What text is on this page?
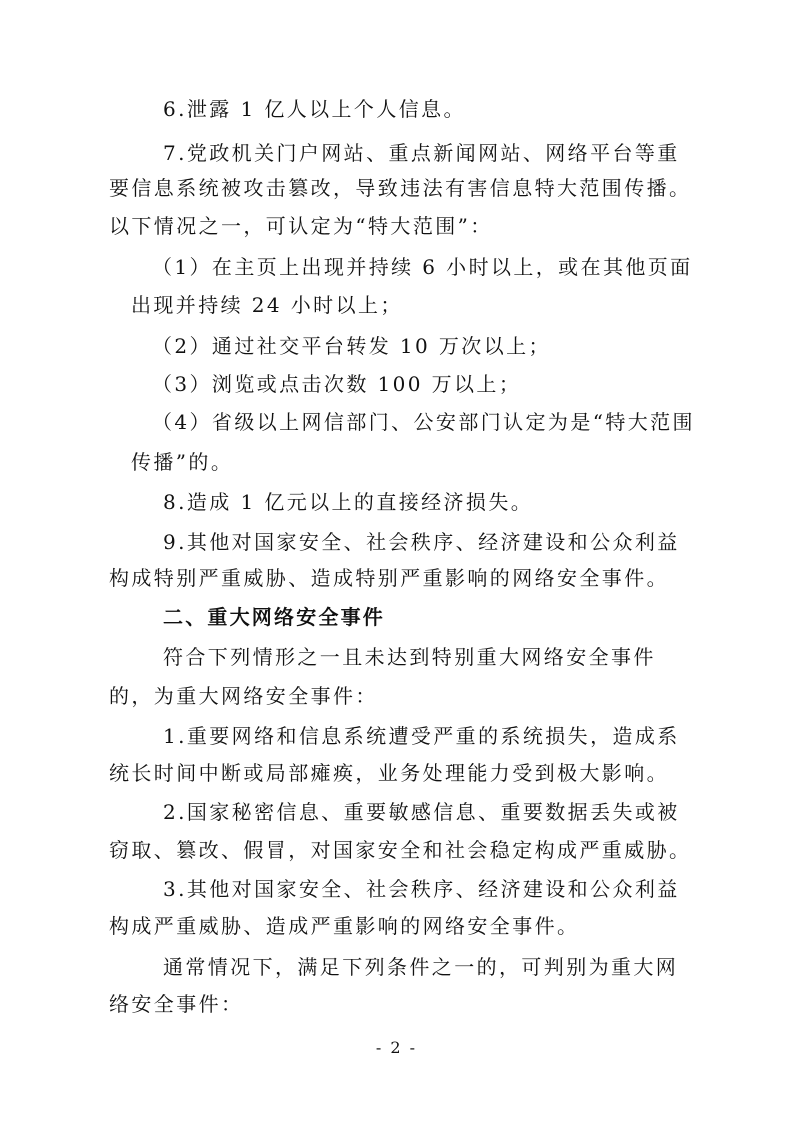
6.泄露 1 亿人以上个人信息。
7.党政机关门户网站、重点新闻网站、网络平台等重
要信息系统被攻击篡改，导致违法有害信息特大范围传播。
以下情况之一，可认定为“特大范围”：
（1）在主页上出现并持续 6 小时以上，或在其他页面
出现并持续 24 小时以上；
（2）通过社交平台转发 10 万次以上；
（3）浏览或点击次数 100 万以上；
（4）省级以上网信部门、公安部门认定为是“特大范围
传播”的。
8.造成 1 亿元以上的直接经济损失。
9.其他对国家安全、社会秩序、经济建设和公众利益
构成特别严重威胁、造成特别严重影响的网络安全事件。
二、重大网络安全事件
符合下列情形之一且未达到特别重大网络安全事件
的，为重大网络安全事件：
1.重要网络和信息系统遭受严重的系统损失，造成系
统长时间中断或局部瘫痪，业务处理能力受到极大影响。
2.国家秘密信息、重要敏感信息、重要数据丢失或被
窃取、篡改、假冒，对国家安全和社会稳定构成严重威胁。
3.其他对国家安全、社会秩序、经济建设和公众利益
构成严重威胁、造成严重影响的网络安全事件。
通常情况下，满足下列条件之一的，可判别为重大网
络安全事件：
- 2 -
